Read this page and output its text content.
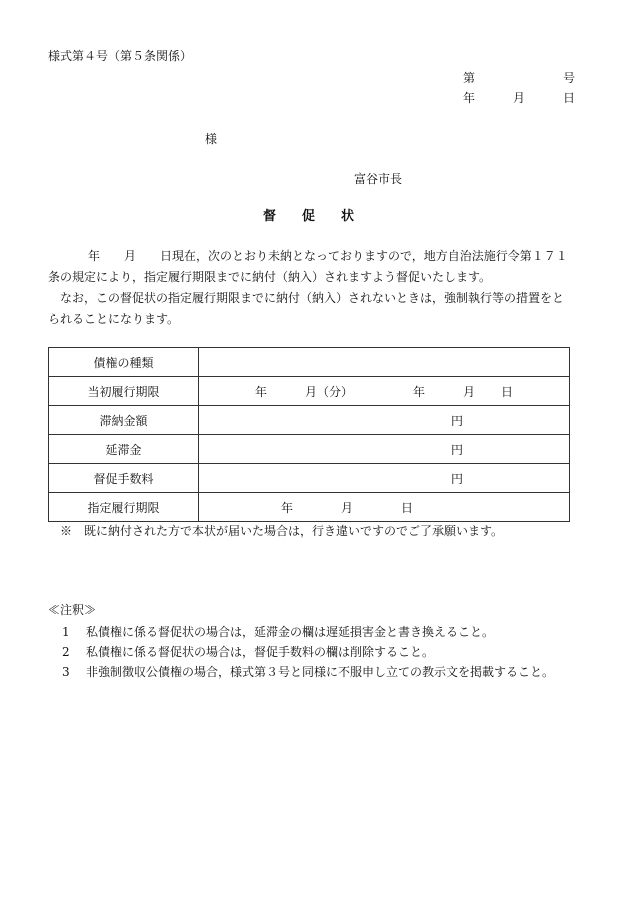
様式第４号（第５条関係）
第	号
年	月	日
様
富谷市長
督 促 状
年　　月　　日現在，次のとおり未納となっておりますので，地方自治法施行令第１７１
条の規定により，指定履行期限までに納付（納入）されますよう督促いたします。
なお，この督促状の指定履行期限までに納付（納入）されないときは，強制執行等の措置をと
られることになります。
債権の種類	
当初履行期限	年 月（分） 年 月 日

滞納金額	円

延滞金	円

督促手数料	円

指定履行期限	年 月 日
※　既に納付された方で本状が届いた場合は，行き違いですのでご了承願います。
≪注釈≫
1 私債権に係る督促状の場合は，延滞金の欄は遅延損害金と書き換えること。
2 私債権に係る督促状の場合は，督促手数料の欄は削除すること。
3 非強制徴収公債権の場合，様式第３号と同様に不服申し立ての教示文を掲載すること。
